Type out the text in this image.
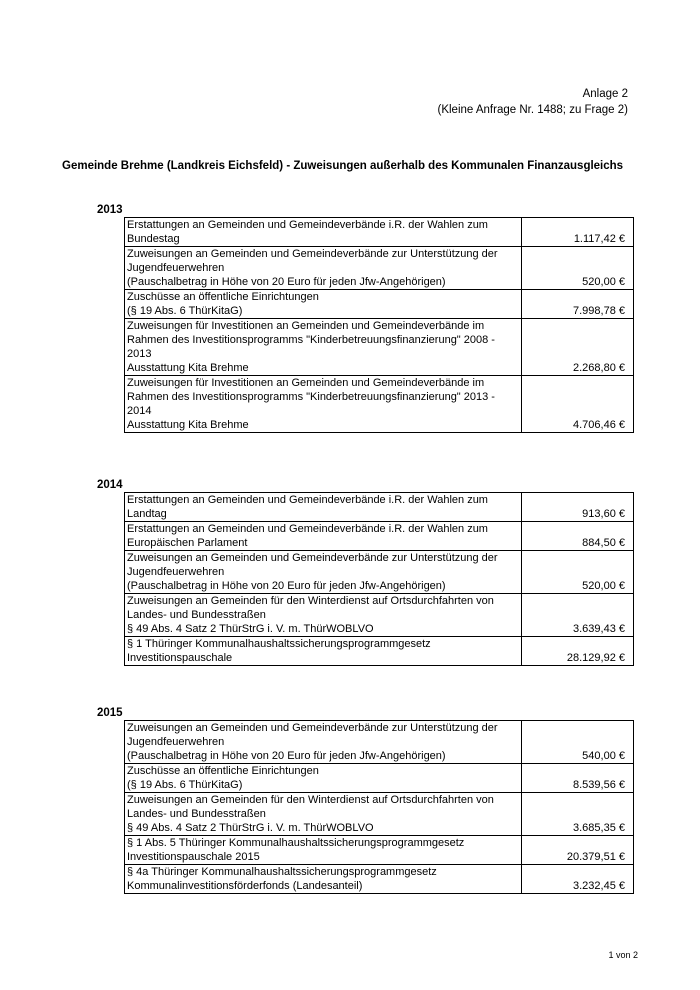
Anlage 2
(Kleine Anfrage Nr. 1488; zu Frage 2)
Gemeinde Brehme (Landkreis Eichsfeld) - Zuweisungen außerhalb des Kommunalen Finanzausgleichs
2013
Erstattungen an Gemeinden und Gemeindeverbände i.R. der Wahlen zum
Bundestag	1.117,42 €

Zuweisungen an Gemeinden und Gemeindeverbände zur Unterstützung der
Jugendfeuerwehren
(Pauschalbetrag in Höhe von 20 Euro für jeden Jfw-Angehörigen)	520,00 €

Zuschüsse an öffentliche Einrichtungen
(§ 19 Abs. 6 ThürKitaG)	7.998,78 €

Zuweisungen für Investitionen an Gemeinden und Gemeindeverbände im
Rahmen des Investitionsprogramms "Kinderbetreuungsfinanzierung" 2008 -
2013
Ausstattung Kita Brehme	2.268,80 €

Zuweisungen für Investitionen an Gemeinden und Gemeindeverbände im
Rahmen des Investitionsprogramms "Kinderbetreuungsfinanzierung" 2013 -
2014
Ausstattung Kita Brehme	4.706,46 €
2014
Erstattungen an Gemeinden und Gemeindeverbände i.R. der Wahlen zum
Landtag	913,60 €

Erstattungen an Gemeinden und Gemeindeverbände i.R. der Wahlen zum
Europäischen Parlament	884,50 €

Zuweisungen an Gemeinden und Gemeindeverbände zur Unterstützung der
Jugendfeuerwehren
(Pauschalbetrag in Höhe von 20 Euro für jeden Jfw-Angehörigen)	520,00 €

Zuweisungen an Gemeinden für den Winterdienst auf Ortsdurchfahrten von
Landes- und Bundesstraßen
§ 49 Abs. 4 Satz 2 ThürStrG i. V. m. ThürWOBLVO	3.639,43 €

§ 1 Thüringer Kommunalhaushaltssicherungsprogrammgesetz
Investitionspauschale	28.129,92 €
2015
Zuweisungen an Gemeinden und Gemeindeverbände zur Unterstützung der
Jugendfeuerwehren
(Pauschalbetrag in Höhe von 20 Euro für jeden Jfw-Angehörigen)	540,00 €

Zuschüsse an öffentliche Einrichtungen
(§ 19 Abs. 6 ThürKitaG)	8.539,56 €

Zuweisungen an Gemeinden für den Winterdienst auf Ortsdurchfahrten von
Landes- und Bundesstraßen
§ 49 Abs. 4 Satz 2 ThürStrG i. V. m. ThürWOBLVO	3.685,35 €

§ 1 Abs. 5 Thüringer Kommunalhaushaltssicherungsprogrammgesetz
Investitionspauschale 2015	20.379,51 €

§ 4a Thüringer Kommunalhaushaltssicherungsprogrammgesetz
Kommunalinvestitionsförderfonds (Landesanteil)	3.232,45 €
1 von 2
